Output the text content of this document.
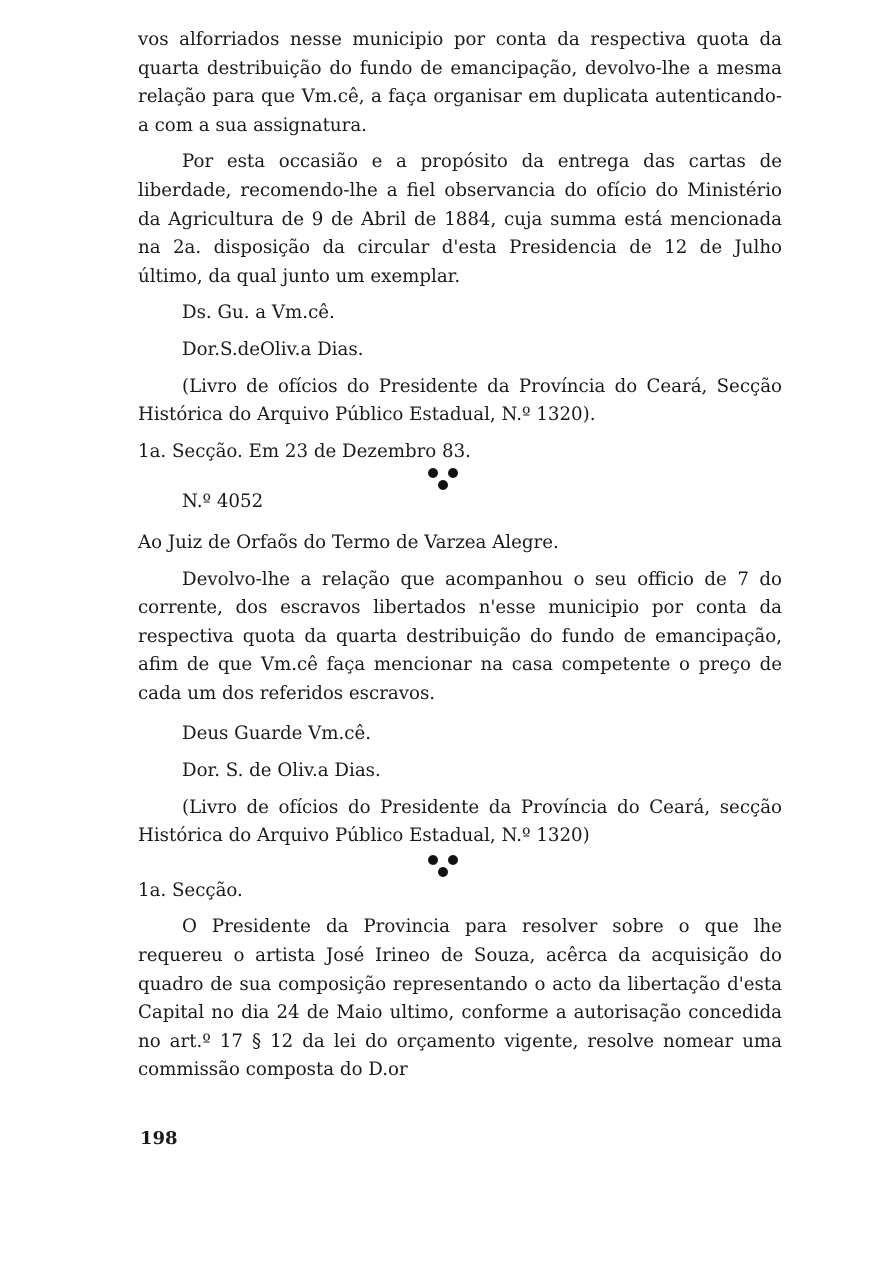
vos alforriados nesse municipio por conta da respectiva quota da quarta destribuição do fundo de emancipação, devolvo-lhe a mesma relação para que Vm.cê, a faça organisar em duplicata autenticando-a com a sua assignatura.

Por esta occasião e a propósito da entrega das cartas de liberdade, recomendo-lhe a fiel observancia do ofício do Ministério da Agricultura de 9 de Abril de 1884, cuja summa está mencionada na 2a. disposição da circular d'esta Presidencia de 12 de Julho último, da qual junto um exemplar.

Ds. Gu. a Vm.cê.

Dor.S.deOliv.a Dias.

(Livro de ofícios do Presidente da Província do Ceará, Secção Histórica do Arquivo Público Estadual, N.º 1320).

1a. Secção. Em 23 de Dezembro 83.

N.º 4052

Ao Juiz de Orfaõs do Termo de Varzea Alegre.

Devolvo-lhe a relação que acompanhou o seu officio de 7 do corrente, dos escravos libertados n'esse municipio por conta da respectiva quota da quarta destribuição do fundo de emancipação, afim de que Vm.cê faça mencionar na casa competente o preço de cada um dos referidos escravos.

Deus Guarde Vm.cê.

Dor. S. de Oliv.a Dias.

(Livro de ofícios do Presidente da Província do Ceará, secção Histórica do Arquivo Público Estadual, N.º 1320)

1a. Secção.

O Presidente da Provincia para resolver sobre o que lhe requereu o artista José Irineo de Souza, acêrca da acquisição do quadro de sua composição representando o acto da libertação d'esta Capital no dia 24 de Maio ultimo, conforme a autorisação concedida no art.º 17 § 12 da lei do orçamento vigente, resolve nomear uma commissão composta do D.or

198
